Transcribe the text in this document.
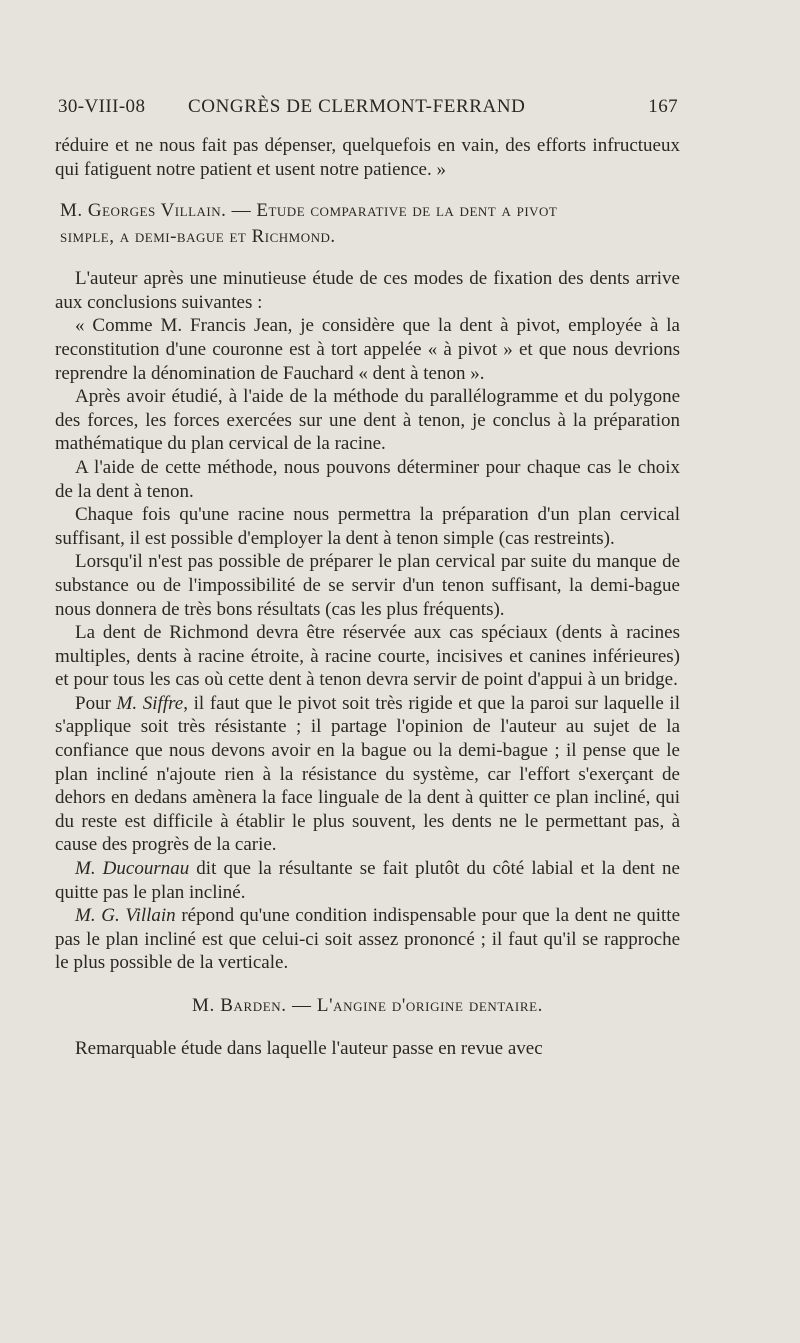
30-VIII-08 CONGRÈS DE CLERMONT-FERRAND	167

réduire et ne nous fait pas dépenser, quelquefois en vain, des efforts infructueux qui fatiguent notre patient et usent notre patience. »

M. Georges Villain. — Etude comparative de la dent a pivot
simple, a demi-bague et Richmond.

L'auteur après une minutieuse étude de ces modes de fixation des dents arrive aux conclusions suivantes :

« Comme M. Francis Jean, je considère que la dent à pivot, employée à la reconstitution d'une couronne est à tort appelée « à pivot » et que nous devrions reprendre la dénomination de Fauchard « dent à tenon ».

Après avoir étudié, à l'aide de la méthode du parallélogramme et du polygone des forces, les forces exercées sur une dent à tenon, je conclus à la préparation mathématique du plan cervical de la racine.

A l'aide de cette méthode, nous pouvons déterminer pour chaque cas le choix de la dent à tenon.

Chaque fois qu'une racine nous permettra la préparation d'un plan cervical suffisant, il est possible d'employer la dent à tenon simple (cas restreints).

Lorsqu'il n'est pas possible de préparer le plan cervical par suite du manque de substance ou de l'impossibilité de se servir d'un tenon suffisant, la demi-bague nous donnera de très bons résultats (cas les plus fréquents).

La dent de Richmond devra être réservée aux cas spéciaux (dents à racines multiples, dents à racine étroite, à racine courte, incisives et canines inférieures) et pour tous les cas où cette dent à tenon devra servir de point d'appui à un bridge.

Pour M. Siffre, il faut que le pivot soit très rigide et que la paroi sur laquelle il s'applique soit très résistante ; il partage l'opinion de l'auteur au sujet de la confiance que nous devons avoir en la bague ou la demi-bague ; il pense que le plan incliné n'ajoute rien à la résistance du système, car l'effort s'exerçant de dehors en dedans amènera la face linguale de la dent à quitter ce plan incliné, qui du reste est difficile à établir le plus souvent, les dents ne le permettant pas, à cause des progrès de la carie.

M. Ducournau dit que la résultante se fait plutôt du côté labial et la dent ne quitte pas le plan incliné.

M. G. Villain répond qu'une condition indispensable pour que la dent ne quitte pas le plan incliné est que celui-ci soit assez prononcé ; il faut qu'il se rapproche le plus possible de la verticale.

M. Barden. — L'angine d'origine dentaire.

Remarquable étude dans laquelle l'auteur passe en revue avec
